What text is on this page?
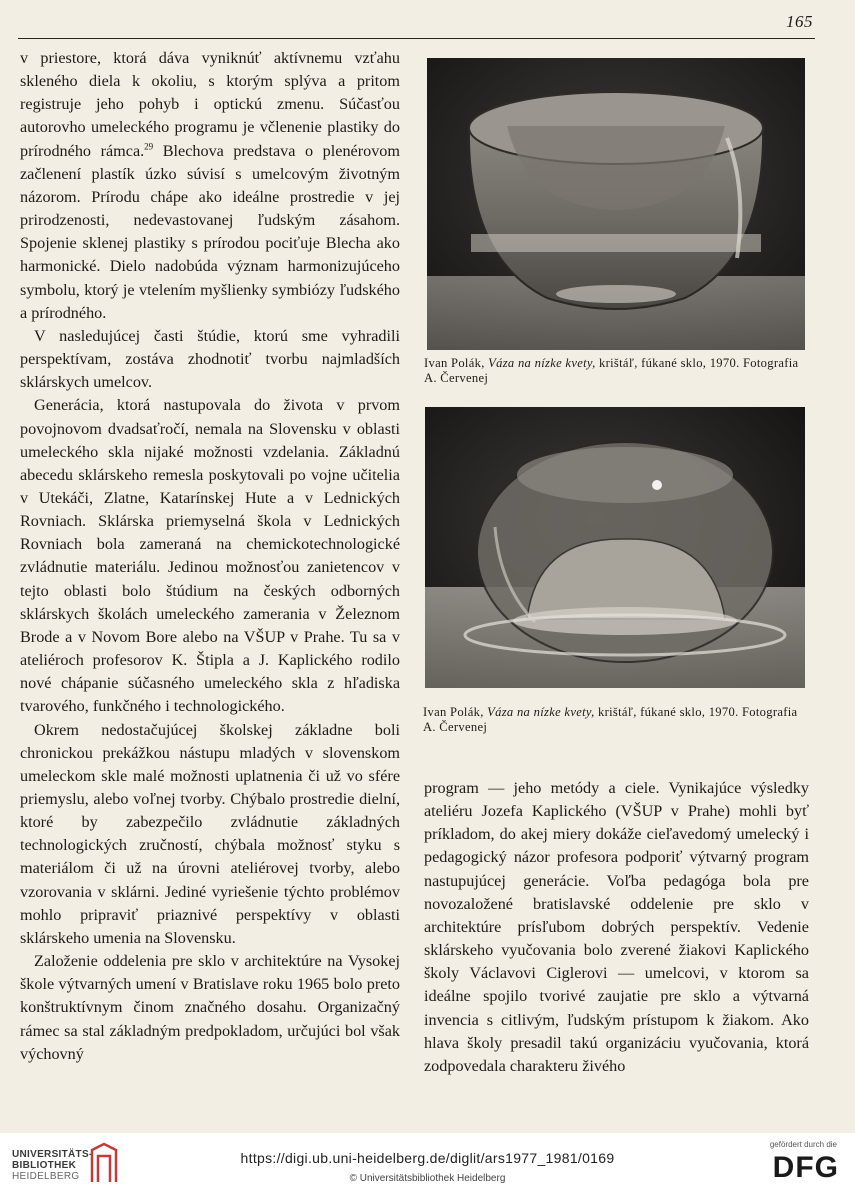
165

v priestore, ktorá dáva vyniknúť aktívnemu vzťahu skleného diela k okoliu, s ktorým splýva a pritom registruje jeho pohyb i optickú zmenu. Súčasťou autorovho umeleckého programu je včlenenie plastiky do prírodného rámca.$^{29}$ Blechova predstava o plenérovom začlenení plastík úzko súvisí s umelcovým životným názorom. Prírodu chápe ako ideálne prostredie v jej prirodzenosti, nedevastovanej ľudským zásahom. Spojenie sklenej plastiky s prírodou pociťuje Blecha ako harmonické. Dielo nadobúda význam harmonizujúceho symbolu, ktorý je vtelením myšlienky symbiózy ľudského a prírodného.

V nasledujúcej časti štúdie, ktorú sme vyhradili perspektívam, zostáva zhodnotiť tvorbu najmladších sklárskych umelcov.

Generácia, ktorá nastupovala do života v prvom povojnovom dvadsaťročí, nemala na Slovensku v oblasti umeleckého skla nijaké možnosti vzdelania. Základnú abecedu sklárskeho remesla poskytovali po vojne učitelia v Utekáči, Zlatne, Katarínskej Hute a v Lednických Rovniach. Sklárska priemyselná škola v Lednických Rovniach bola zameraná na chemickotechnologické zvládnutie materiálu. Jedinou možnosťou zanietencov v tejto oblasti bolo štúdium na českých odborných sklárskych školách umeleckého zamerania v Železnom Brode a v Novom Bore alebo na VŠUP v Prahe. Tu sa v ateliéroch profesorov K. Štipla a J. Kaplického rodilo nové chápanie súčasného umeleckého skla z hľadiska tvarového, funkčného i technologického.

Okrem nedostačujúcej školskej základne boli chronickou prekážkou nástupu mladých v slovenskom umeleckom skle malé možnosti uplatnenia či už vo sfére priemyslu, alebo voľnej tvorby. Chýbalo prostredie dielní, ktoré by zabezpečilo zvládnutie základných technologických zručností, chýbala možnosť styku s materiálom či už na úrovni ateliérovej tvorby, alebo vzorovania v sklárni. Jediné vyriešenie týchto problémov mohlo pripraviť priaznivé perspektívy v oblasti sklárskeho umenia na Slovensku.

Založenie oddelenia pre sklo v architektúre na Vysokej škole výtvarných umení v Bratislave roku 1965 bolo preto konštruktívnym činom značného dosahu. Organizačný rámec sa stal základným predpokladom, určujúci bol však výchovný

Ivan Polák, Váza na nízke kvety, krištáľ, fúkané sklo, 1970. Fotografia A. Červenej
Ivan Polák, Váza na nízke kvety, krištáľ, fúkané sklo, 1970. Fotografia A. Červenej

program — jeho metódy a ciele. Vynikajúce výsledky ateliéru Jozefa Kaplického (VŠUP v Prahe) mohli byť príkladom, do akej miery dokáže cieľavedomý umelecký i pedagogický názor profesora podporiť výtvarný program nastupujúcej generácie. Voľba pedagóga bola pre novozaložené bratislavské oddelenie pre sklo v architektúre prísľubom dobrých perspektív. Vedenie sklárskeho vyučovania bolo zverené žiakovi Kaplického školy Václavovi Ciglerovi — umelcovi, v ktorom sa ideálne spojilo tvorivé zaujatie pre sklo a výtvarná invencia s citlivým, ľudským prístupom k žiakom. Ako hlava školy presadil takú organizáciu vyučovania, ktorá zodpovedala charakteru živého

UNIVERSITÄTS-
BIBLIOTHEK
HEIDELBERG
https://digi.ub.uni-heidelberg.de/diglit/ars1977_1981/0169
© Universitätsbibliothek Heidelberg
gefördert durch die
DFG
